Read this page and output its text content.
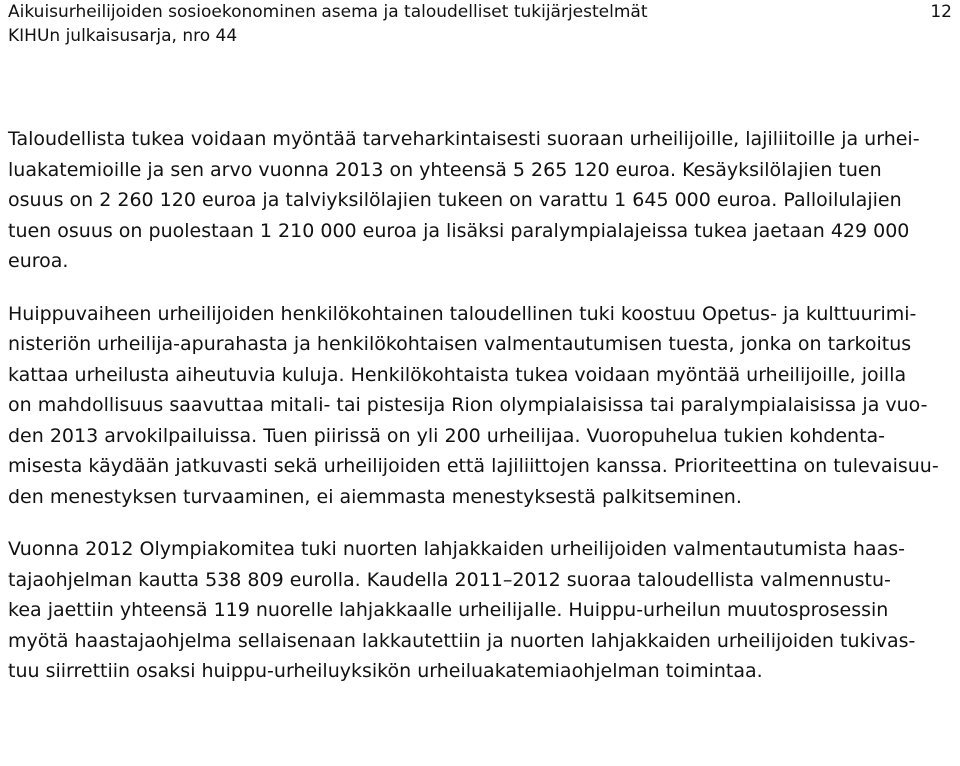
Aikuisurheilijoiden sosioekonominen asema ja taloudelliset tukijärjestelmät
KIHUn julkaisusarja, nro 44
12

Taloudellista tukea voidaan myöntää tarveharkintaisesti suoraan urheilijoille, lajiliitoille ja urhei-
luakatemioille ja sen arvo vuonna 2013 on yhteensä 5 265 120 euroa. Kesäyksilölajien tuen
osuus on 2 260 120 euroa ja talviyksilölajien tukeen on varattu 1 645 000 euroa. Palloilulajien
tuen osuus on puolestaan 1 210 000 euroa ja lisäksi paralympialajeissa tukea jaetaan 429 000
euroa.

Huippuvaiheen urheilijoiden henkilökohtainen taloudellinen tuki koostuu Opetus- ja kulttuurimi-
nisteriön urheilija-apurahasta ja henkilökohtaisen valmentautumisen tuesta, jonka on tarkoitus
kattaa urheilusta aiheutuvia kuluja. Henkilökohtaista tukea voidaan myöntää urheilijoille, joilla
on mahdollisuus saavuttaa mitali- tai pistesija Rion olympialaisissa tai paralympialaisissa ja vuo-
den 2013 arvokilpailuissa. Tuen piirissä on yli 200 urheilijaa. Vuoropuhelua tukien kohdenta-
misesta käydään jatkuvasti sekä urheilijoiden että lajiliittojen kanssa. Prioriteettina on tulevaisuu-
den menestyksen turvaaminen, ei aiemmasta menestyksestä palkitseminen.

Vuonna 2012 Olympiakomitea tuki nuorten lahjakkaiden urheilijoiden valmentautumista haas-
tajaohjelman kautta 538 809 eurolla. Kaudella 2011–2012 suoraa taloudellista valmennustu-
kea jaettiin yhteensä 119 nuorelle lahjakkaalle urheilijalle. Huippu-urheilun muutosprosessin
myötä haastajaohjelma sellaisenaan lakkautettiin ja nuorten lahjakkaiden urheilijoiden tukivas-
tuu siirrettiin osaksi huippu-urheiluyksikön urheiluakatemiaohjelman toimintaa.
